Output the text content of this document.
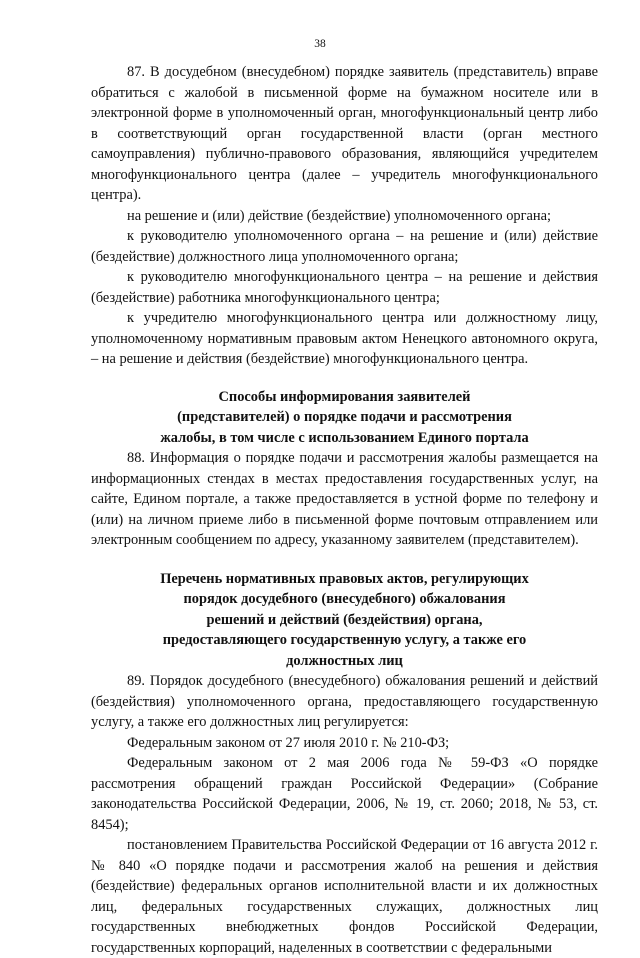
38

87. В досудебном (внесудебном) порядке заявитель (представитель) вправе обратиться с жалобой в письменной форме на бумажном носителе или в электронной форме в уполномоченный орган, многофункциональный центр либо в соответствующий орган государственной власти (орган местного самоуправления) публично-правового образования, являющийся учредителем многофункционального центра (далее – учредитель многофункционального центра).

на решение и (или) действие (бездействие) уполномоченного органа;

к руководителю уполномоченного органа – на решение и (или) действие (бездействие) должностного лица уполномоченного органа;

к руководителю многофункционального центра – на решение и действия (бездействие) работника многофункционального центра;

к учредителю многофункционального центра или должностному лицу, уполномоченному нормативным правовым актом Ненецкого автономного округа, – на решение и действия (бездействие) многофункционального центра.

Способы информирования заявителей
(представителей) о порядке подачи и рассмотрения
жалобы, в том числе с использованием Единого портала

88. Информация о порядке подачи и рассмотрения жалобы размещается на информационных стендах в местах предоставления государственных услуг, на сайте, Едином портале, а также предоставляется в устной форме по телефону и (или) на личном приеме либо в письменной форме почтовым отправлением или электронным сообщением по адресу, указанному заявителем (представителем).

Перечень нормативных правовых актов, регулирующих
порядок досудебного (внесудебного) обжалования
решений и действий (бездействия) органа,
предоставляющего государственную услугу, а также его
должностных лиц

89. Порядок досудебного (внесудебного) обжалования решений и действий (бездействия) уполномоченного органа, предоставляющего государственную услугу, а также его должностных лиц регулируется:

Федеральным законом от 27 июля 2010 г. № 210-ФЗ;

Федеральным законом от 2 мая 2006 года № 59-ФЗ «О порядке рассмотрения обращений граждан Российской Федерации» (Собрание законодательства Российской Федерации, 2006, № 19, ст. 2060; 2018, № 53, ст. 8454);

постановлением Правительства Российской Федерации от 16 августа 2012 г. № 840 «О порядке подачи и рассмотрения жалоб на решения и действия (бездействие) федеральных органов исполнительной власти и их должностных лиц, федеральных государственных служащих, должностных лиц государственных внебюджетных фондов Российской Федерации, государственных корпораций, наделенных в соответствии с федеральными
